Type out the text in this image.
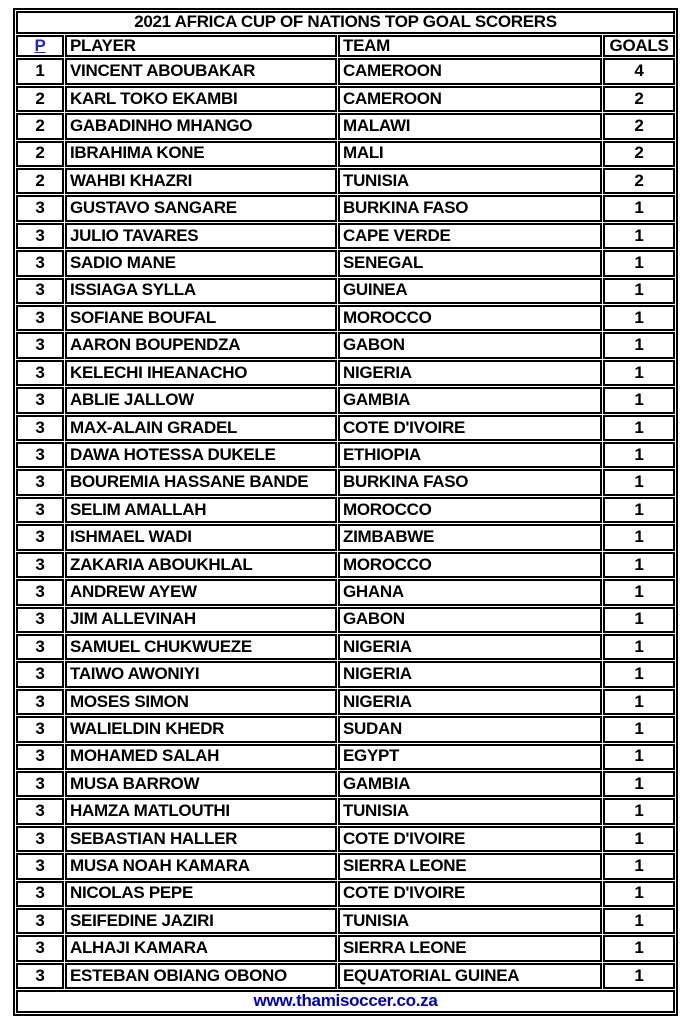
2021 AFRICA CUP OF NATIONS TOP GOAL SCORERS			
P	PLAYER	TEAM	GOALS
1	VINCENT ABOUBAKAR	CAMEROON	4
2	KARL TOKO EKAMBI	CAMEROON	2
2	GABADINHO MHANGO	MALAWI	2
2	IBRAHIMA KONE	MALI	2
2	WAHBI KHAZRI	TUNISIA	2
3	GUSTAVO SANGARE	BURKINA FASO	1
3	JULIO TAVARES	CAPE VERDE	1
3	SADIO MANE	SENEGAL	1
3	ISSIAGA SYLLA	GUINEA	1
3	SOFIANE BOUFAL	MOROCCO	1
3	AARON BOUPENDZA	GABON	1
3	KELECHI IHEANACHO	NIGERIA	1
3	ABLIE JALLOW	GAMBIA	1
3	MAX-ALAIN GRADEL	COTE D'IVOIRE	1
3	DAWA HOTESSA DUKELE	ETHIOPIA	1
3	BOUREMIA HASSANE BANDE	BURKINA FASO	1
3	SELIM AMALLAH	MOROCCO	1
3	ISHMAEL WADI	ZIMBABWE	1
3	ZAKARIA ABOUKHLAL	MOROCCO	1
3	ANDREW AYEW	GHANA	1
3	JIM ALLEVINAH	GABON	1
3	SAMUEL CHUKWUEZE	NIGERIA	1
3	TAIWO AWONIYI	NIGERIA	1
3	MOSES SIMON	NIGERIA	1
3	WALIELDIN KHEDR	SUDAN	1
3	MOHAMED SALAH	EGYPT	1
3	MUSA BARROW	GAMBIA	1
3	HAMZA MATLOUTHI	TUNISIA	1
3	SEBASTIAN HALLER	COTE D'IVOIRE	1
3	MUSA NOAH KAMARA	SIERRA LEONE	1
3	NICOLAS PEPE	COTE D'IVOIRE	1
3	SEIFEDINE JAZIRI	TUNISIA	1
3	ALHAJI KAMARA	SIERRA LEONE	1
3	ESTEBAN OBIANG OBONO	EQUATORIAL GUINEA	1
www.thamisoccer.co.za			
